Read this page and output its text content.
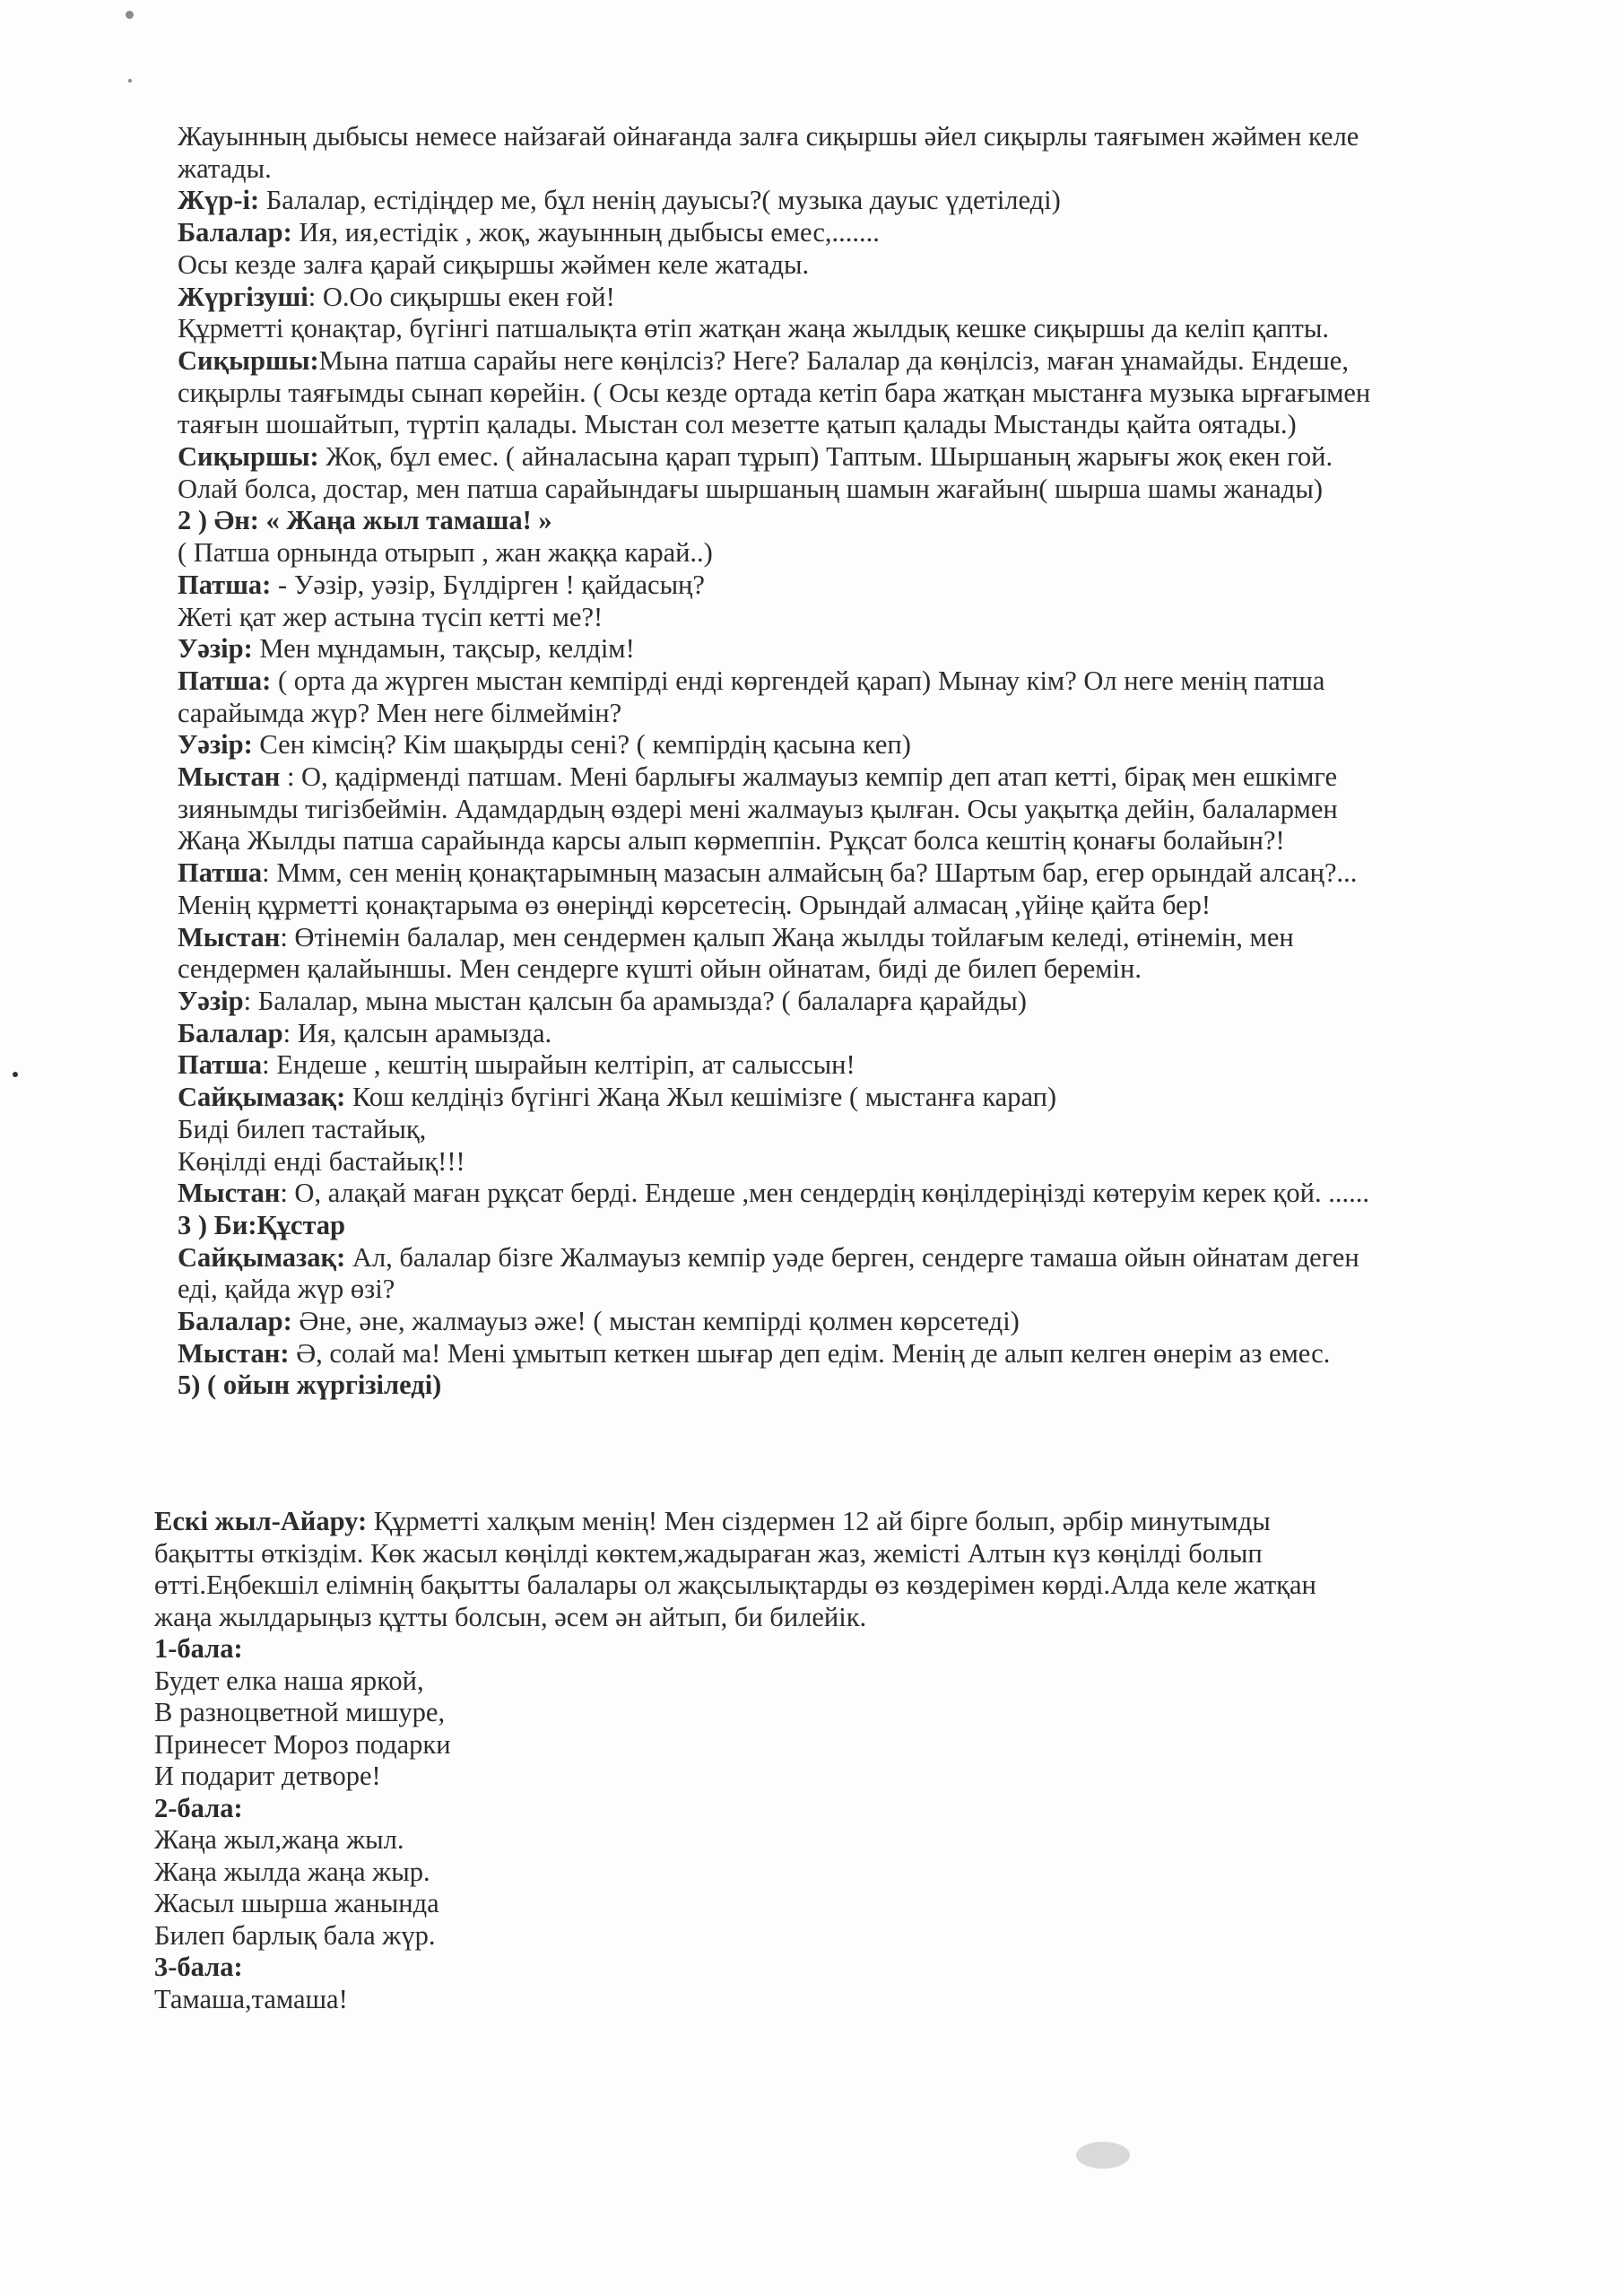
Жауынның дыбысы немесе найзағай ойнағанда залға сиқыршы әйел сиқырлы таяғымен жәймен келе

жатады.

Жүр-і: Балалар, естідіңдер ме, бұл ненің дауысы?( музыка дауыс үдетіледі)

Балалар: Ия, ия,естідік , жоқ, жауынның дыбысы емес,.......

Осы кезде залға қарай сиқыршы жәймен келе жатады.

Жүргізуші: О.Оо сиқыршы екен ғой!

Құрметті қонақтар, бүгінгі патшалықта өтіп жатқан жаңа жылдық кешке сиқыршы да келіп қапты.

Сиқыршы:Мына патша сарайы неге көңілсіз? Неге? Балалар да көңілсіз, маған ұнамайды. Ендеше,

сиқырлы таяғымды сынап көрейін. ( Осы кезде ортада кетіп бара жатқан мыстанға музыка ырғағымен

таяғын шошайтып, түртіп қалады. Мыстан сол мезетте қатып қалады Мыстанды қайта оятады.)

Сиқыршы: Жоқ, бұл емес. ( айналасына қарап тұрып) Таптым. Шыршаның жарығы жоқ екен гой.

Олай болса, достар, мен патша сарайындағы шыршаның шамын жағайын( шырша шамы жанады)

2 ) Ән: « Жаңа жыл тамаша! »

( Патша орнында отырып , жан жаққа карай..)

Патша: - Уәзір, уәзір, Бүлдірген ! қайдасың?

Жеті қат жер астына түсіп кетті ме?!

Уәзір: Мен мұндамын, тақсыр, келдім!

Патша: ( орта да жүрген мыстан кемпірді енді көргендей қарап) Мынау кім? Ол неге менің патша

сарайымда жүр? Мен неге білмеймін?

Уәзір: Сен кімсің? Кім шақырды сені? ( кемпірдің қасына кеп)

Мыстан : О, қадірменді патшам. Мені барлығы жалмауыз кемпір деп атап кетті, бірақ мен ешкімге

зиянымды тигізбеймін. Адамдардың өздері мені жалмауыз қылған. Осы уақытқа дейін, балалармен

Жаңа Жылды патша сарайында карсы алып көрмеппін. Рұқсат болса кештің қонағы болайын?!

Патша: Ммм, сен менің қонақтарымның мазасын алмайсың ба? Шартым бар, егер орындай алсаң?...

Менің құрметті қонақтарыма өз өнеріңді көрсетесің. Орындай алмасаң ,үйіңе қайта бер!

Мыстан: Өтінемін балалар, мен сендермен қалып Жаңа жылды тойлағым келеді, өтінемін, мен

сендермен қалайыншы. Мен сендерге күшті ойын ойнатам, биді де билеп беремін.

Уәзір: Балалар, мына мыстан қалсын ба арамызда? ( балаларға қарайды)

Балалар: Ия, қалсын арамызда.

Патша: Ендеше , кештің шырайын келтіріп, ат салыссын!

Сайқымазақ: Кош келдіңіз бүгінгі Жаңа Жыл кешімізге ( мыстанға карап)

Биді билеп тастайық,

Көңілді енді бастайық!!!

Мыстан: О, алақай маған рұқсат берді. Ендеше ,мен сендердің көңілдеріңізді көтеруім керек қой. ......

3 ) Би:Құстар

Сайқымазақ: Ал, балалар бізге Жалмауыз кемпір уәде берген, сендерге тамаша ойын ойнатам деген

еді, қайда жүр өзі?

Балалар: Әне, әне, жалмауыз әже! ( мыстан кемпірді қолмен көрсетеді)

Мыстан: Ә, солай ма! Мені ұмытып кеткен шығар деп едім. Менің де алып келген өнерім аз емес.

5) ( ойын жүргізіледі)

Ескі жыл-Айару: Құрметті халқым менің! Мен сіздермен 12 ай бірге болып, әрбір минутымды

бақытты өткіздім. Көк жасыл көңілді көктем,жадыраған жаз, жемісті Алтын күз көңілді болып

өтті.Еңбекшіл елімнің бақытты балалары ол жақсылықтарды өз көздерімен көрді.Алда келе жатқан

жаңа жылдарыңыз құтты болсын, әсем ән айтып, би билейік.

1-бала:

Будет елка наша яркой,

В разноцветной мишуре,

Принесет Мороз подарки

И подарит детворе!

2-бала:

Жаңа жыл,жаңа жыл.

Жаңа жылда жаңа жыр.

Жасыл шырша жанында

Билеп барлық бала жүр.

3-бала:

Тамаша,тамаша!
